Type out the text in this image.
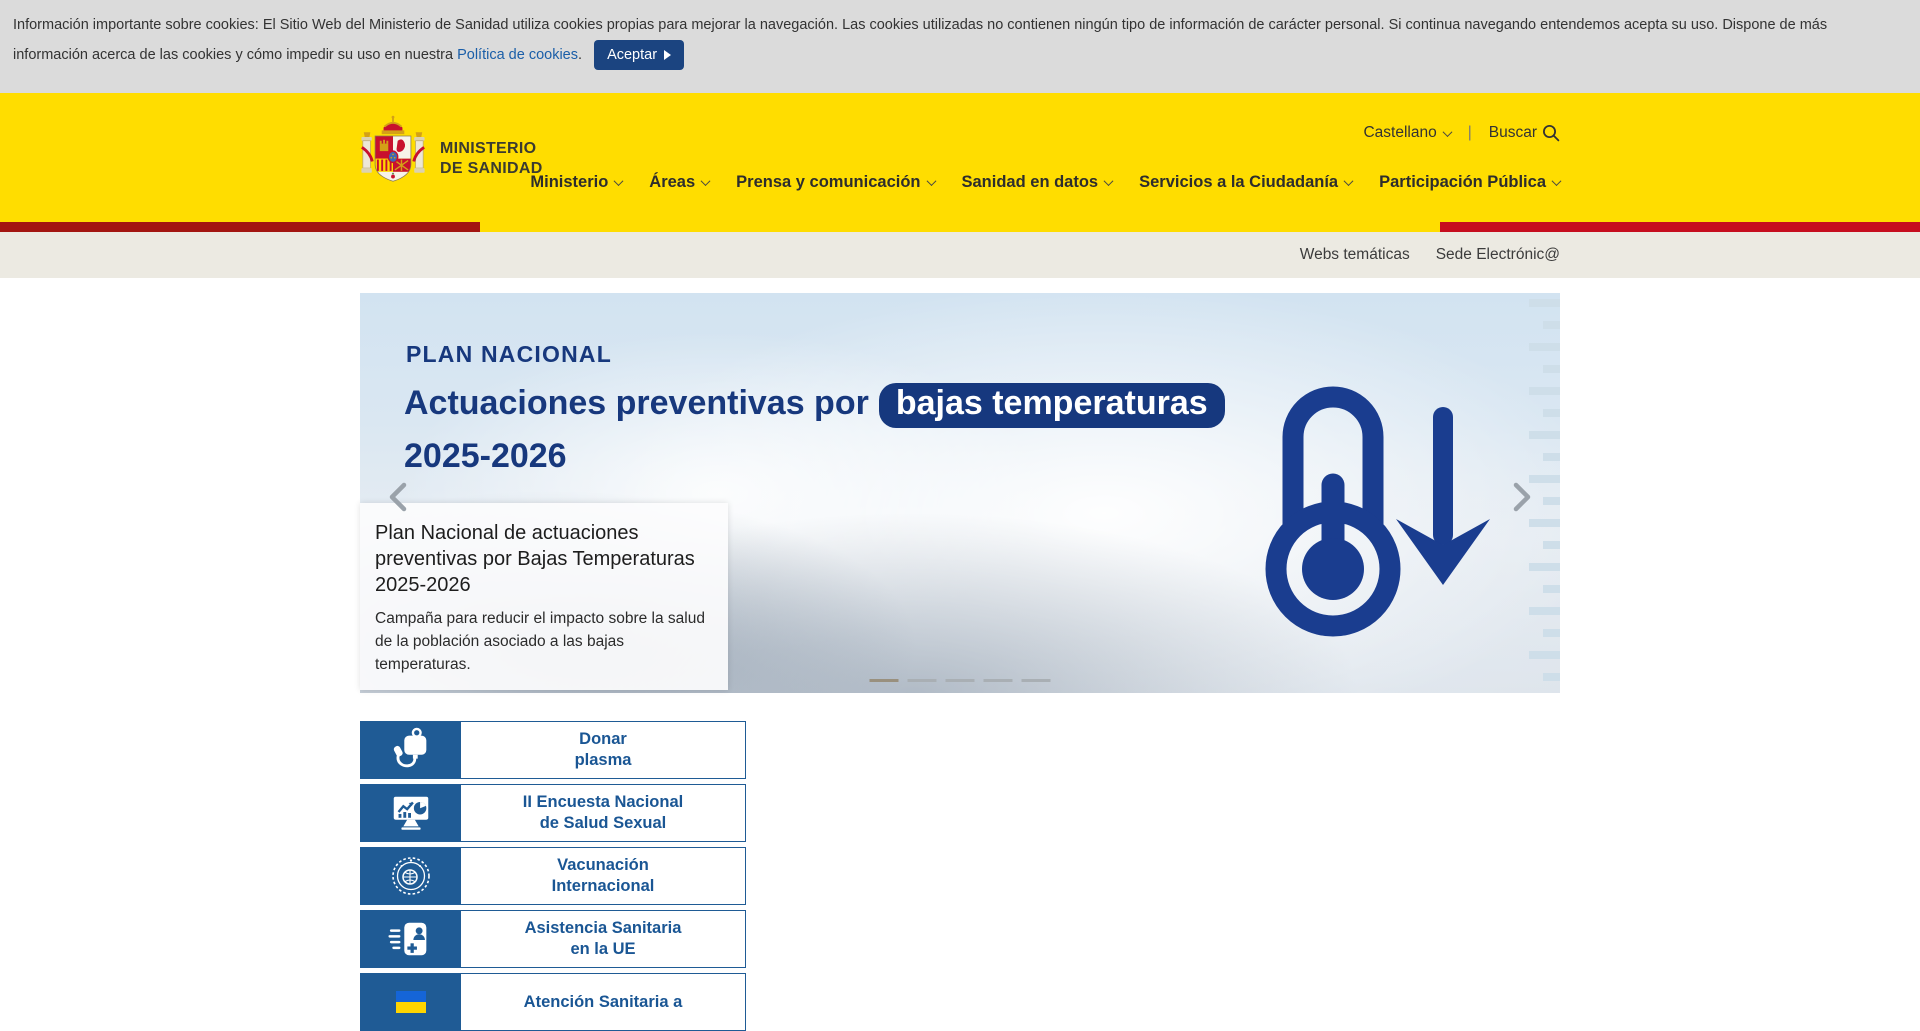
Información importante sobre cookies: El Sitio Web del Ministerio de Sanidad utiliza cookies propias para mejorar la navegación. Las cookies utilizadas no contienen ningún tipo de información de carácter personal. Si continua navegando entendemos acepta su uso. Dispone de más
información acerca de las cookies y cómo impedir su uso en nuestra Política de cookies. Aceptar
MINISTERIO
DE SANIDAD
Castellano | Buscar
Ministerio Áreas Prensa y comunicación Sanidad en datos Servicios a la Ciudadanía Participación Pública
Webs temáticas Sede Electrónic@
PLAN NACIONAL
Actuaciones preventivas por bajas temperaturas
2025-2026
Plan Nacional de actuaciones preventivas por Bajas Temperaturas 2025-2026

Campaña para reducir el impacto sobre la salud de la población asociado a las bajas temperaturas.

Donar
plasma
II Encuesta Nacional
de Salud Sexual
Vacunación
Internacional
Asistencia Sanitaria
en la UE
Atención Sanitaria a
